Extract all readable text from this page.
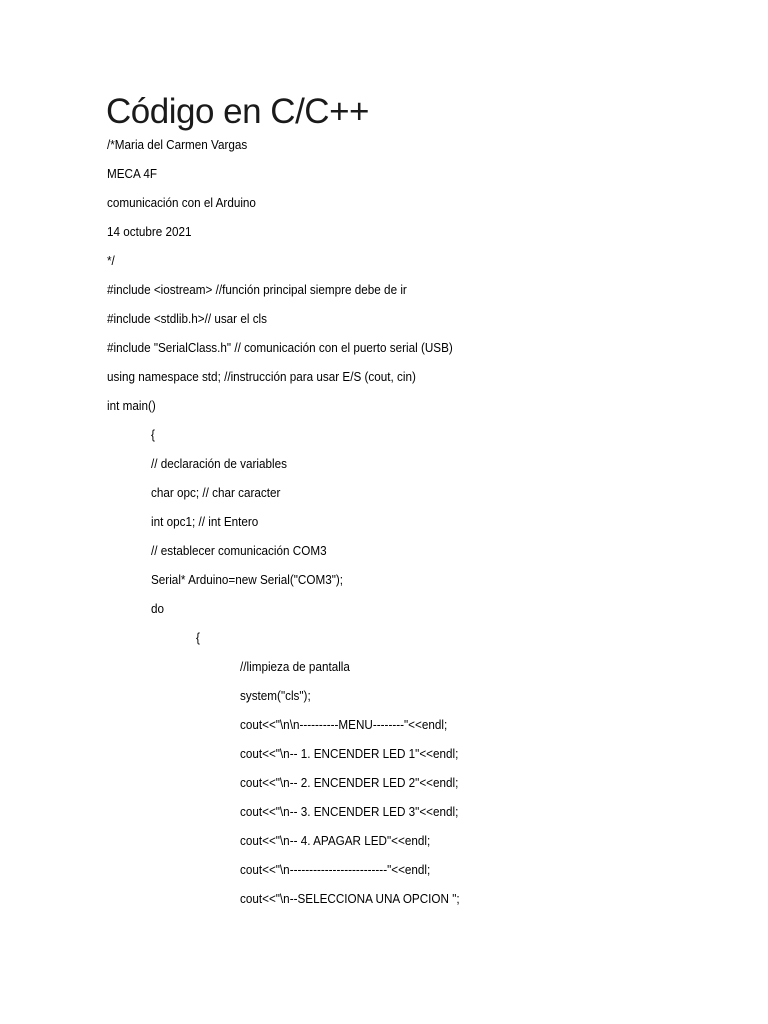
Código en C/C++
/*Maria del Carmen Vargas
MECA 4F
comunicación con el Arduino
14 octubre 2021
*/
#include <iostream> //función principal siempre debe de ir
#include <stdlib.h>// usar el cls
#include "SerialClass.h" // comunicación con el puerto serial (USB)
using namespace std; //instrucción para usar E/S (cout, cin)
int main()
{
// declaración de variables
char opc; // char caracter
int opc1; // int Entero
// establecer comunicación COM3
Serial* Arduino=new Serial("COM3");
do
{
//limpieza de pantalla
system("cls");
cout<<"\n\n----------MENU--------"<<endl;
cout<<"\n-- 1. ENCENDER LED 1"<<endl;
cout<<"\n-- 2. ENCENDER LED 2"<<endl;
cout<<"\n-- 3. ENCENDER LED 3"<<endl;
cout<<"\n-- 4. APAGAR LED"<<endl;
cout<<"\n-------------------------"<<endl;
cout<<"\n--SELECCIONA UNA OPCION ";
